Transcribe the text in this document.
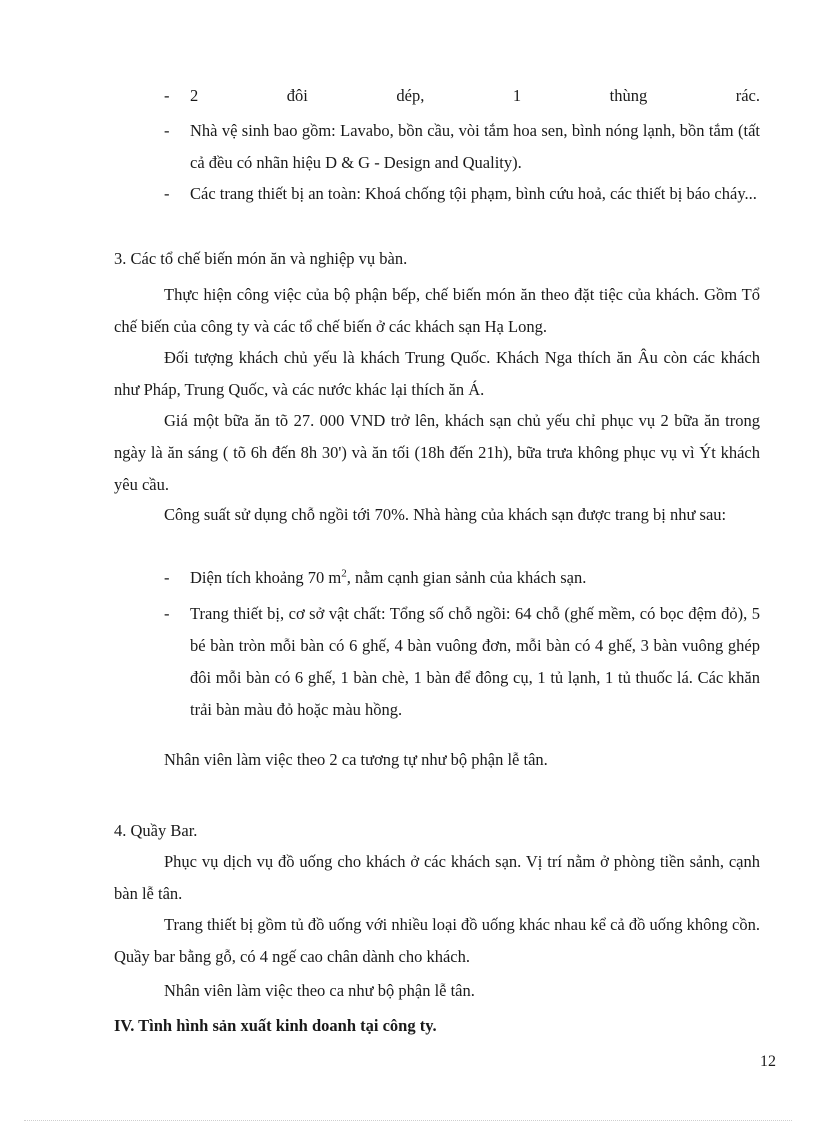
-	2 đôi dép, 1 thùng rác.
-	Nhà vệ sinh bao gồm: Lavabo, bồn cầu, vòi tắm hoa sen, bình nóng lạnh, bồn tắm (tất cả đều có nhãn hiệu D & G - Design and Quality).
-	Các trang thiết bị an toàn: Khoá chống tội phạm, bình cứu hoả, các thiết bị báo cháy...
3. Các tổ chế biến món ăn và nghiệp vụ bàn.
Thực hiện công việc của bộ phận bếp, chế biến món ăn theo đặt tiệc của khách. Gồm Tổ chế biến của công ty và các tổ chế biến ở các khách sạn Hạ Long.
Đối tượng khách chủ yếu là khách Trung Quốc. Khách Nga thích ăn Âu còn các khách như Pháp, Trung Quốc, và các nước khác lại thích ăn Á.
Giá một bữa ăn tõ 27. 000 VND trở lên, khách sạn chủ yếu chỉ phục vụ 2 bữa ăn trong ngày là ăn sáng ( tõ 6h đến 8h 30') và ăn tối (18h đến 21h), bữa trưa không phục vụ vì Ýt khách yêu cầu.
Công suất sử dụng chỗ ngồi tới 70%. Nhà hàng của khách sạn được trang bị như sau:
-	Diện tích khoảng 70 $m^2$, nằm cạnh gian sảnh của khách sạn.
-	Trang thiết bị, cơ sở vật chất: Tổng số chỗ ngồi: 64 chỗ (ghế mềm, có bọc đệm đỏ), 5 bé bàn tròn mỗi bàn có 6 ghế, 4 bàn vuông đơn, mỗi bàn có 4 ghế, 3 bàn vuông ghép đôi mỗi bàn có 6 ghế, 1 bàn chè, 1 bàn để đông cụ, 1 tủ lạnh, 1 tủ thuốc lá. Các khăn trải bàn màu đỏ hoặc màu hồng.
Nhân viên làm việc theo 2 ca tương tự như bộ phận lễ tân.
4. Quầy Bar.
Phục vụ dịch vụ đồ uống cho khách ở các khách sạn. Vị trí nằm ở phòng tiền sảnh, cạnh bàn lễ tân.
Trang thiết bị gồm tủ đồ uống với nhiều loại đồ uống khác nhau kể cả đồ uống không cồn. Quầy bar bằng gỗ, có 4 ngế cao chân dành cho khách.
Nhân viên làm việc theo ca như bộ phận lễ tân.
IV. Tình hình sản xuất kinh doanh tại công ty.
12
